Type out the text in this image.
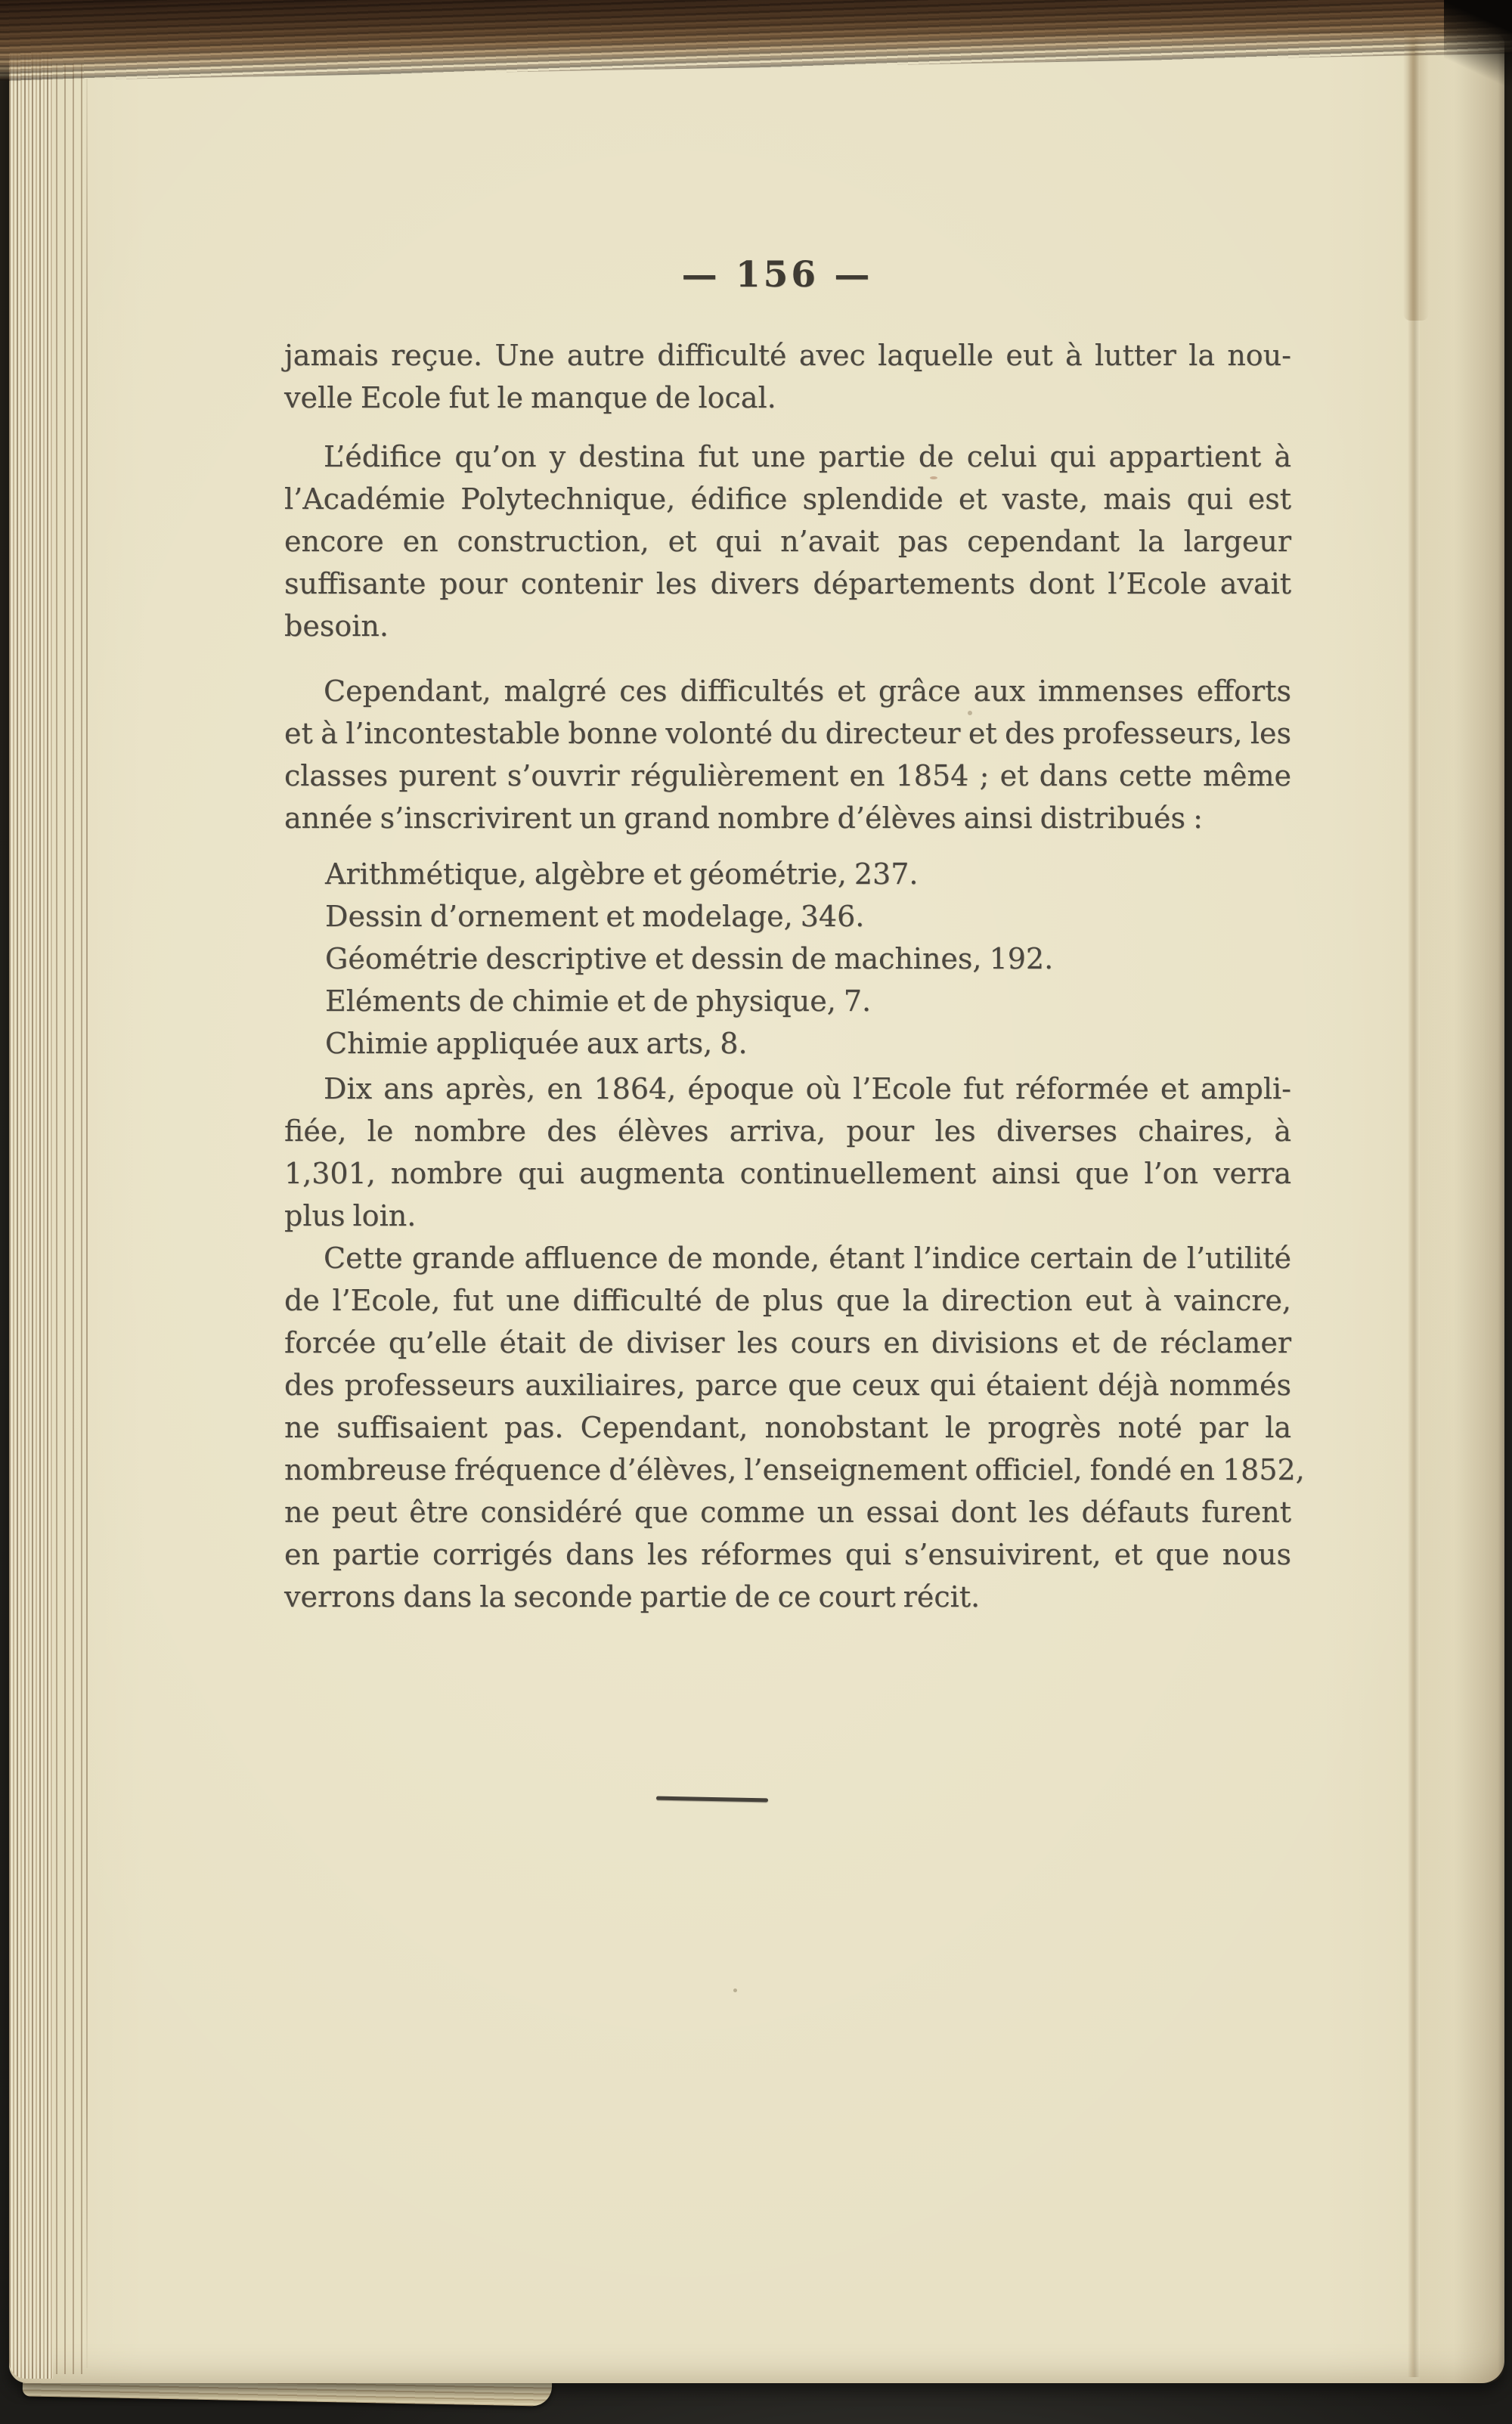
— 156 —
jamais reçue. Une autre difficulté avec laquelle eut à lutter la nou-
velle Ecole fut le manque de local.
L’édifice qu’on y destina fut une partie de celui qui appartient à
l’Académie Polytechnique, édifice splendide et vaste, mais qui est
encore en construction, et qui n’avait pas cependant la largeur
suffisante pour contenir les divers départements dont l’Ecole avait
besoin.
Cependant, malgré ces difficultés et grâce aux immenses efforts
et à l’incontestable bonne volonté du directeur et des professeurs, les
classes purent s’ouvrir régulièrement en 1854 ; et dans cette même
année s’inscrivirent un grand nombre d’élèves ainsi distribués :
Arithmétique, algèbre et géométrie, 237.
Dessin d’ornement et modelage, 346.
Géométrie descriptive et dessin de machines, 192.
Eléments de chimie et de physique, 7.
Chimie appliquée aux arts, 8.
Dix ans après, en 1864, époque où l’Ecole fut réformée et ampli-
fiée, le nombre des élèves arriva, pour les diverses chaires, à
1,301, nombre qui augmenta continuellement ainsi que l’on verra
plus loin.
Cette grande affluence de monde, étant l’indice certain de l’utilité
de l’Ecole, fut une difficulté de plus que la direction eut à vaincre,
forcée qu’elle était de diviser les cours en divisions et de réclamer
des professeurs auxiliaires, parce que ceux qui étaient déjà nommés
ne suffisaient pas. Cependant, nonobstant le progrès noté par la
nombreuse fréquence d’élèves, l’enseignement officiel, fondé en 1852,
ne peut être considéré que comme un essai dont les défauts furent
en partie corrigés dans les réformes qui s’ensuivirent, et que nous
verrons dans la seconde partie de ce court récit.
